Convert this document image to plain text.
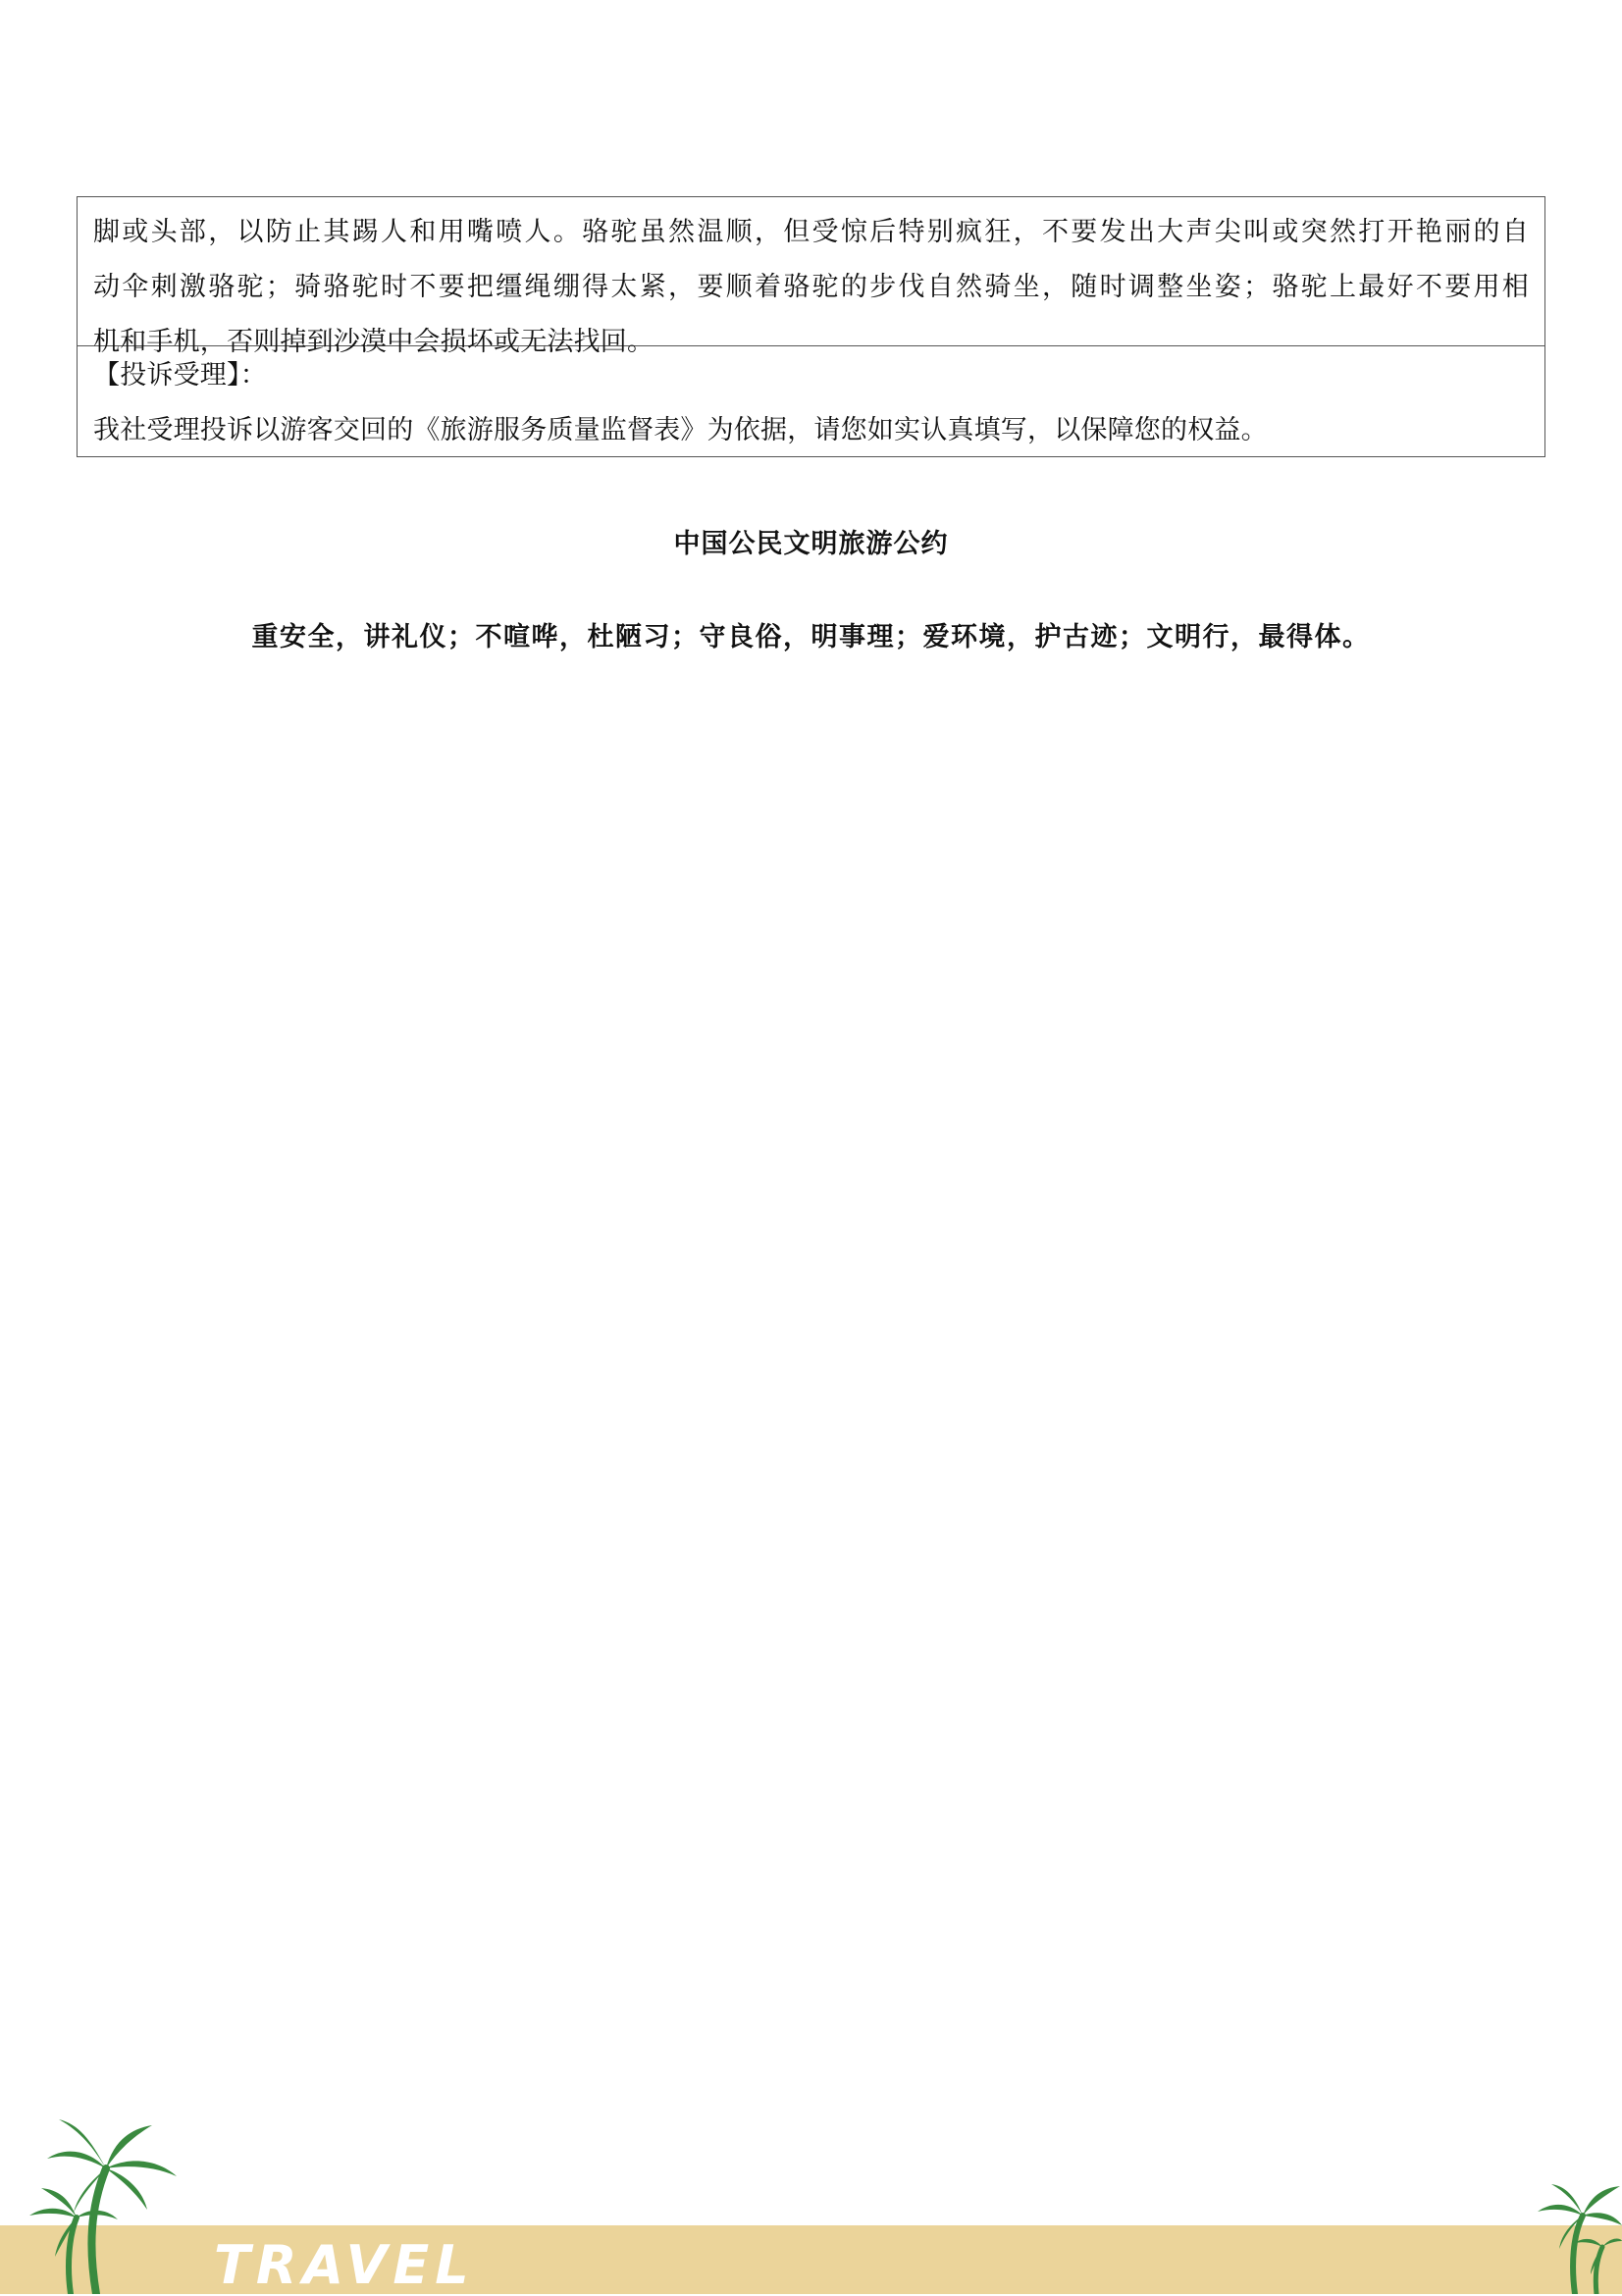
脚或头部，以防止其踢人和用嘴喷人。骆驼虽然温顺，但受惊后特别疯狂，不要发出大声尖叫或突然打开艳丽的自
动伞刺激骆驼；骑骆驼时不要把缰绳绷得太紧，要顺着骆驼的步伐自然骑坐，随时调整坐姿；骆驼上最好不要用相
机和手机，否则掉到沙漠中会损坏或无法找回。

【投诉受理】：

我社受理投诉以游客交回的《旅游服务质量监督表》为依据，请您如实认真填写，以保障您的权益。

中国公民文明旅游公约
重安全，讲礼仪；不喧哗，杜陋习；守良俗，明事理；爱环境，护古迹；文明行，最得体。
TRAVEL
